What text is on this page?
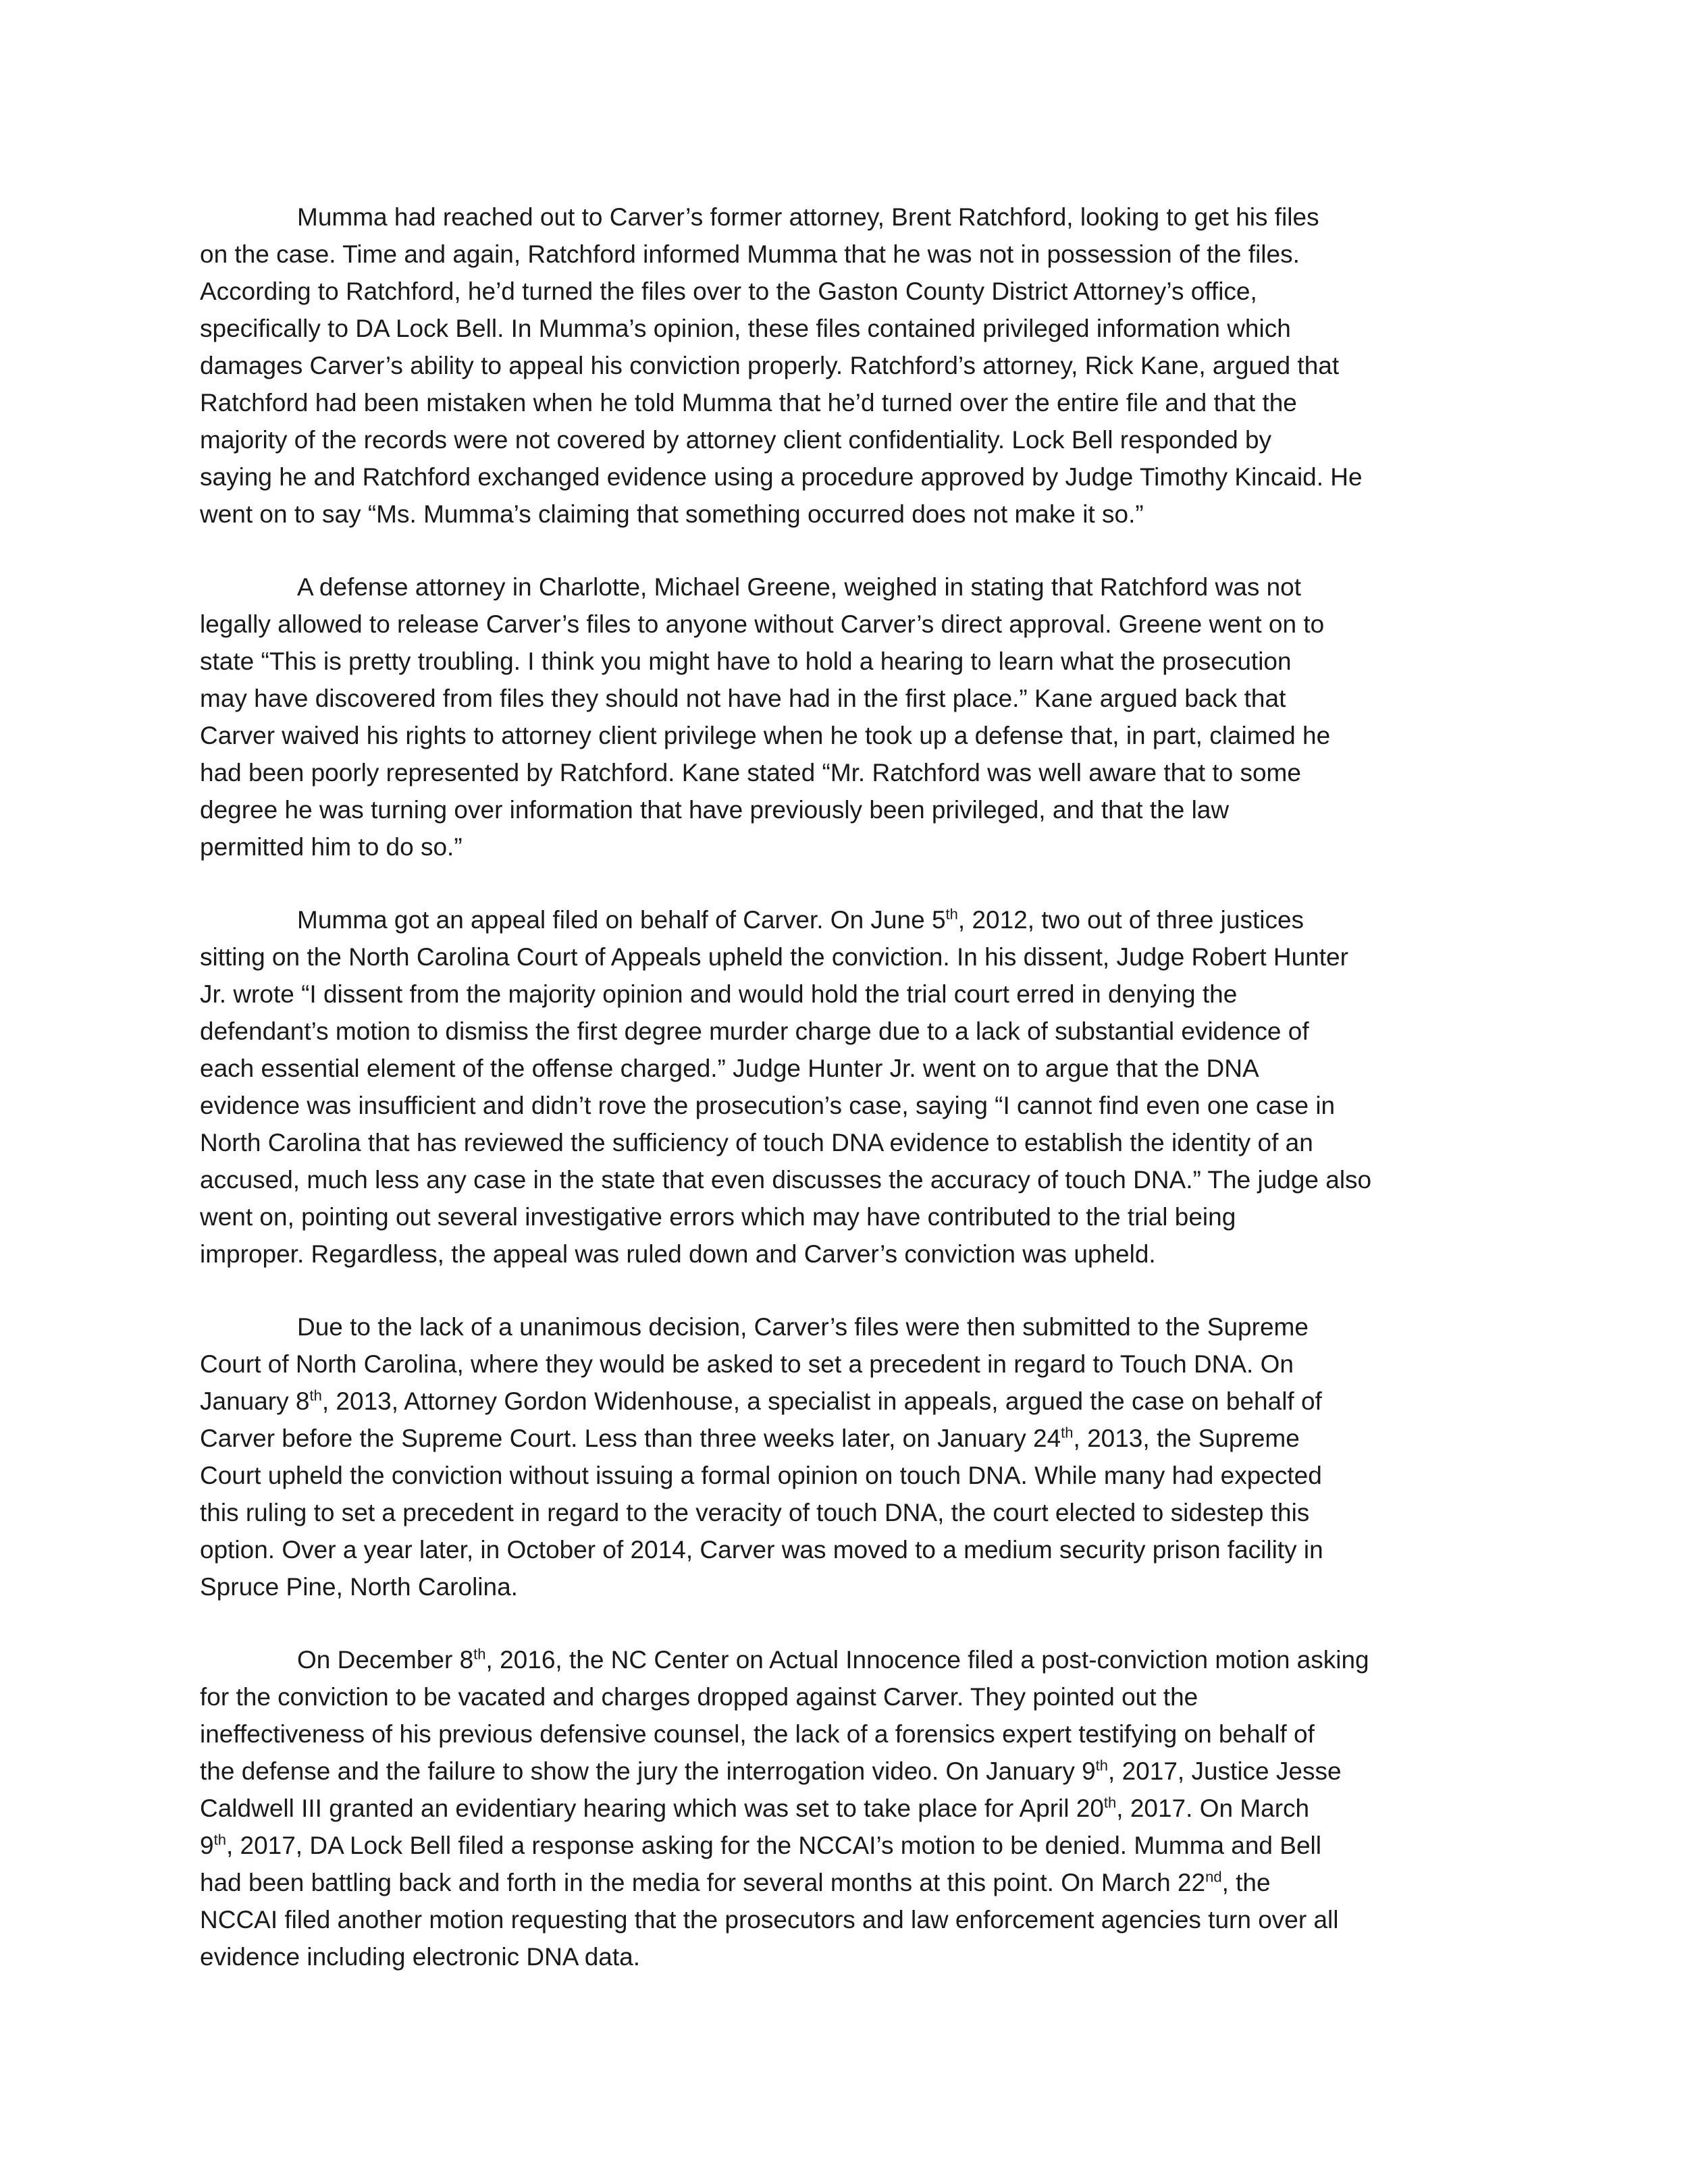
Mumma had reached out to Carver’s former attorney, Brent Ratchford, looking to get his files
on the case. Time and again, Ratchford informed Mumma that he was not in possession of the files.
According to Ratchford, he’d turned the files over to the Gaston County District Attorney’s office,
specifically to DA Lock Bell. In Mumma’s opinion, these files contained privileged information which
damages Carver’s ability to appeal his conviction properly. Ratchford’s attorney, Rick Kane, argued that
Ratchford had been mistaken when he told Mumma that he’d turned over the entire file and that the
majority of the records were not covered by attorney client confidentiality. Lock Bell responded by
saying he and Ratchford exchanged evidence using a procedure approved by Judge Timothy Kincaid. He
went on to say “Ms. Mumma’s claiming that something occurred does not make it so.”

A defense attorney in Charlotte, Michael Greene, weighed in stating that Ratchford was not
legally allowed to release Carver’s files to anyone without Carver’s direct approval. Greene went on to
state “This is pretty troubling. I think you might have to hold a hearing to learn what the prosecution
may have discovered from files they should not have had in the first place.” Kane argued back that
Carver waived his rights to attorney client privilege when he took up a defense that, in part, claimed he
had been poorly represented by Ratchford. Kane stated “Mr. Ratchford was well aware that to some
degree he was turning over information that have previously been privileged, and that the law
permitted him to do so.”

Mumma got an appeal filed on behalf of Carver. On June 5th, 2012, two out of three justices
sitting on the North Carolina Court of Appeals upheld the conviction. In his dissent, Judge Robert Hunter
Jr. wrote “I dissent from the majority opinion and would hold the trial court erred in denying the
defendant’s motion to dismiss the first degree murder charge due to a lack of substantial evidence of
each essential element of the offense charged.” Judge Hunter Jr. went on to argue that the DNA
evidence was insufficient and didn’t rove the prosecution’s case, saying “I cannot find even one case in
North Carolina that has reviewed the sufficiency of touch DNA evidence to establish the identity of an
accused, much less any case in the state that even discusses the accuracy of touch DNA.” The judge also
went on, pointing out several investigative errors which may have contributed to the trial being
improper. Regardless, the appeal was ruled down and Carver’s conviction was upheld.

Due to the lack of a unanimous decision, Carver’s files were then submitted to the Supreme
Court of North Carolina, where they would be asked to set a precedent in regard to Touch DNA. On
January 8th, 2013, Attorney Gordon Widenhouse, a specialist in appeals, argued the case on behalf of
Carver before the Supreme Court. Less than three weeks later, on January 24th, 2013, the Supreme
Court upheld the conviction without issuing a formal opinion on touch DNA. While many had expected
this ruling to set a precedent in regard to the veracity of touch DNA, the court elected to sidestep this
option. Over a year later, in October of 2014, Carver was moved to a medium security prison facility in
Spruce Pine, North Carolina.

On December 8th, 2016, the NC Center on Actual Innocence filed a post-conviction motion asking
for the conviction to be vacated and charges dropped against Carver. They pointed out the
ineffectiveness of his previous defensive counsel, the lack of a forensics expert testifying on behalf of
the defense and the failure to show the jury the interrogation video. On January 9th, 2017, Justice Jesse
Caldwell III granted an evidentiary hearing which was set to take place for April 20th, 2017. On March
9th, 2017, DA Lock Bell filed a response asking for the NCCAI’s motion to be denied. Mumma and Bell
had been battling back and forth in the media for several months at this point. On March 22nd, the
NCCAI filed another motion requesting that the prosecutors and law enforcement agencies turn over all
evidence including electronic DNA data.
